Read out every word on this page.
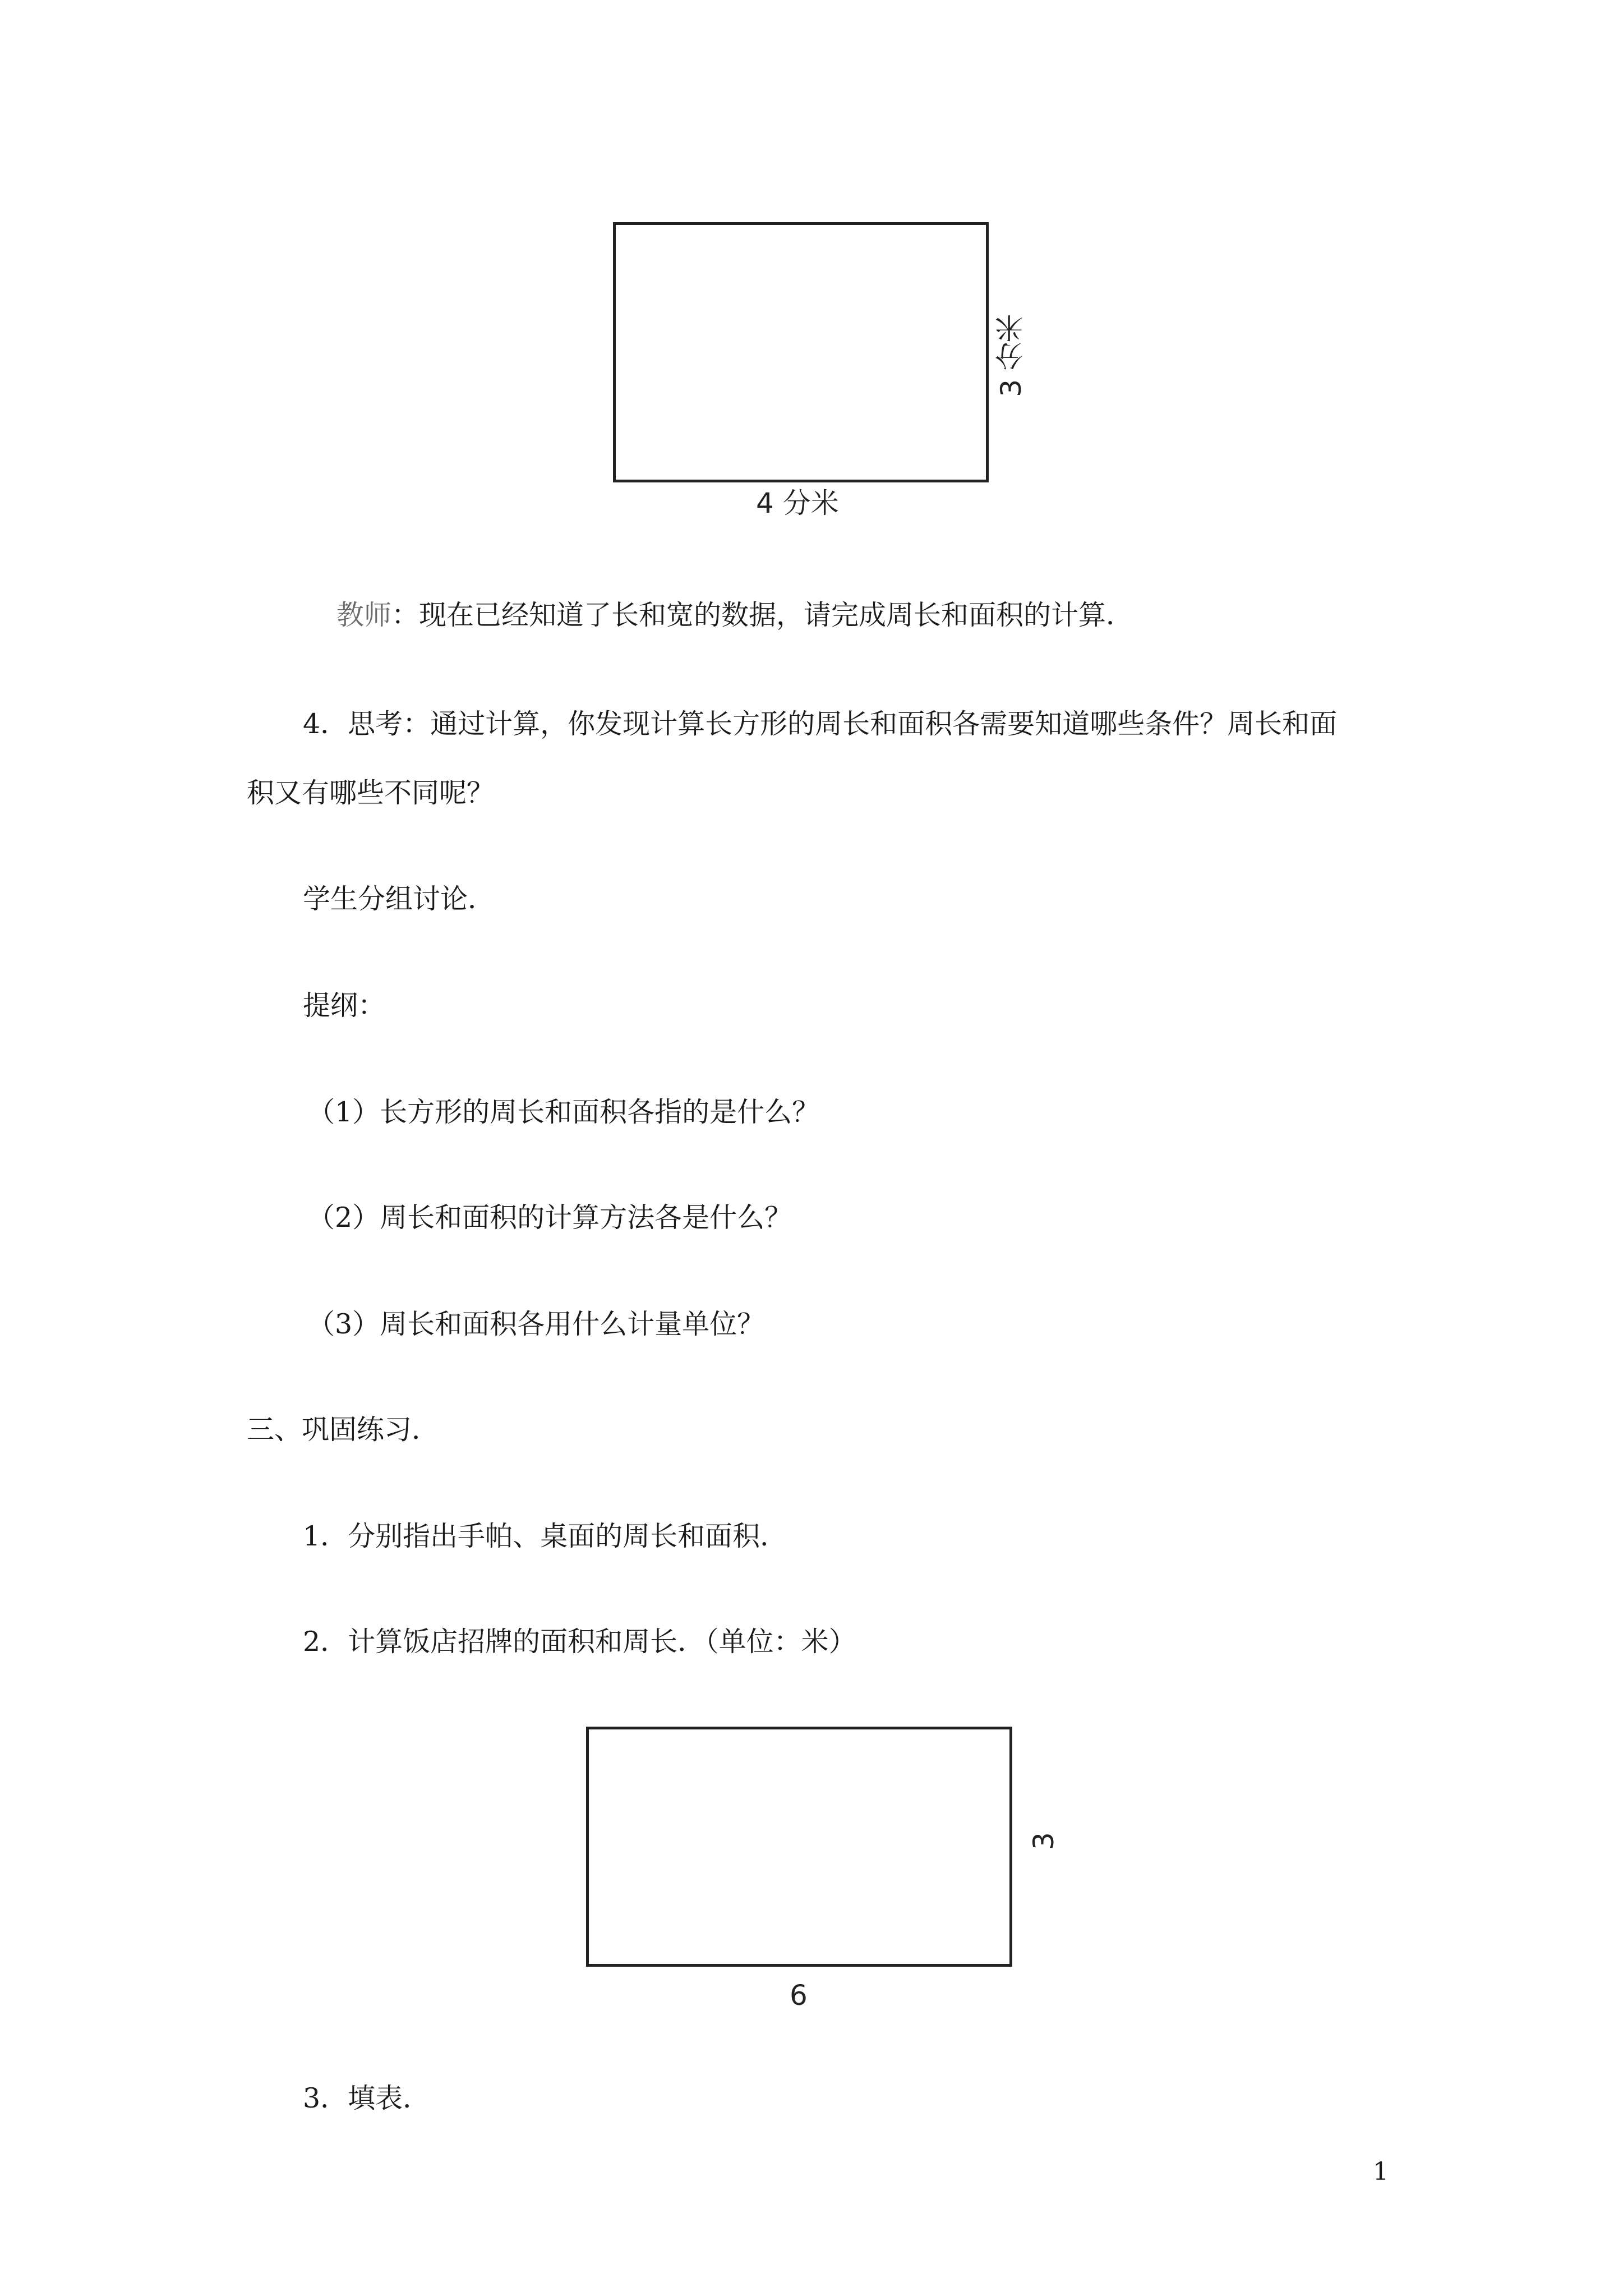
3 分米
4 分米
教师：现在已经知道了长和宽的数据，请完成周长和面积的计算．
4．思考：通过计算，你发现计算长方形的周长和面积各需要知道哪些条件？周长和面
积又有哪些不同呢？
学生分组讨论．
提纲：
（1）长方形的周长和面积各指的是什么？
（2）周长和面积的计算方法各是什么？
（3）周长和面积各用什么计量单位？
三、巩固练习．
1．分别指出手帕、桌面的周长和面积．
2．计算饭店招牌的面积和周长．（单位：米）
3
6
3．填表．
1
